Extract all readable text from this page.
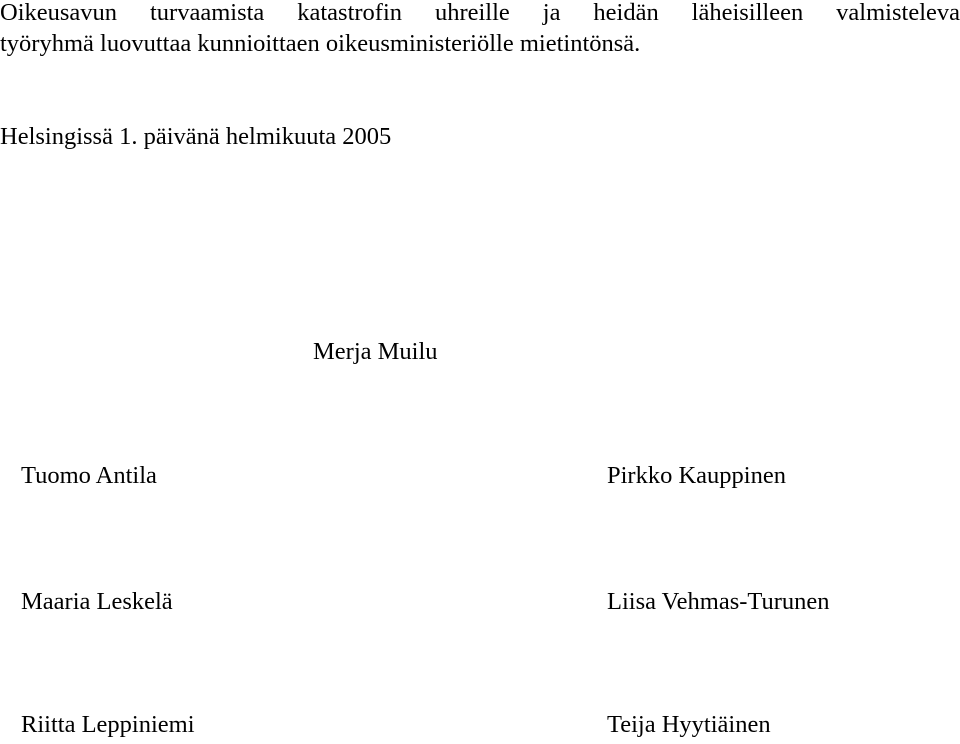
Oikeusavun turvaamista katastrofin uhreille ja heidän läheisilleen valmisteleva
työryhmä luovuttaa kunnioittaen oikeusministeriölle mietintönsä.
Helsingissä 1. päivänä helmikuuta 2005
Merja Muilu
Tuomo Antila	Pirkko Kauppinen
Maaria Leskelä	Liisa Vehmas-Turunen
Riitta Leppiniemi	Teija Hyytiäinen
